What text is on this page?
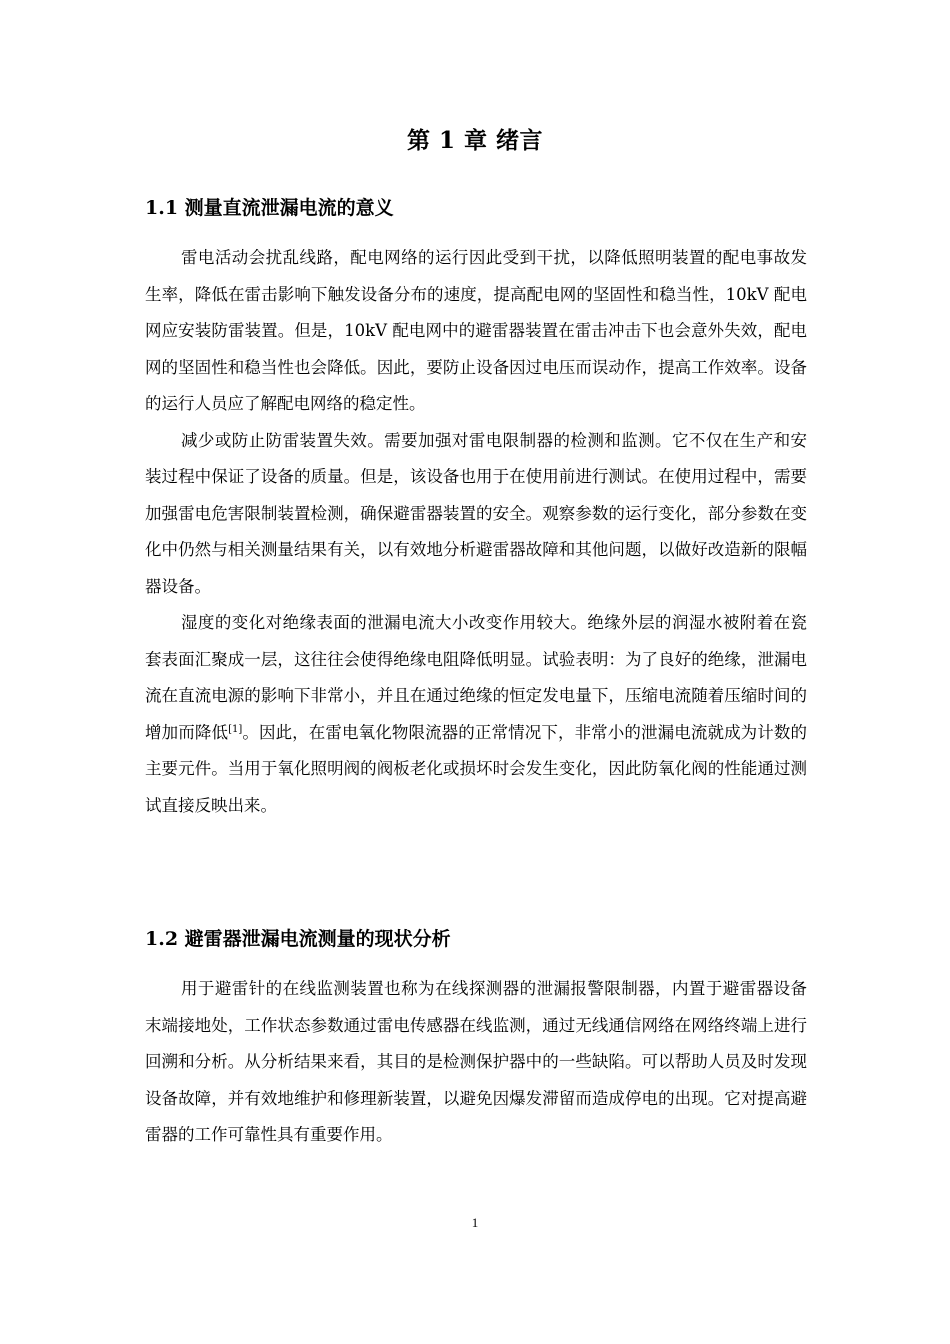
第 1 章 绪言
1.1 测量直流泄漏电流的意义

雷电活动会扰乱线路，配电网络的运行因此受到干扰，以降低照明装置的配电事故发生率，降低在雷击影响下触发设备分布的速度，提高配电网的坚固性和稳当性，10kV 配电网应安装防雷装置。但是，10kV 配电网中的避雷器装置在雷击冲击下也会意外失效，配电网的坚固性和稳当性也会降低。因此，要防止设备因过电压而误动作，提高工作效率。设备的运行人员应了解配电网络的稳定性。

减少或防止防雷装置失效。需要加强对雷电限制器的检测和监测。它不仅在生产和安装过程中保证了设备的质量。但是，该设备也用于在使用前进行测试。在使用过程中，需要加强雷电危害限制装置检测，确保避雷器装置的安全。观察参数的运行变化，部分参数在变化中仍然与相关测量结果有关，以有效地分析避雷器故障和其他问题，以做好改造新的限幅器设备。

湿度的变化对绝缘表面的泄漏电流大小改变作用较大。绝缘外层的润湿水被附着在瓷套表面汇聚成一层，这往往会使得绝缘电阻降低明显。试验表明：为了良好的绝缘，泄漏电流在直流电源的影响下非常小，并且在通过绝缘的恒定发电量下，压缩电流随着压缩时间的增加而降低[1]。因此，在雷电氧化物限流器的正常情况下，非常小的泄漏电流就成为计数的主要元件。当用于氧化照明阀的阀板老化或损坏时会发生变化，因此防氧化阀的性能通过测试直接反映出来。

1.2 避雷器泄漏电流测量的现状分析

用于避雷针的在线监测装置也称为在线探测器的泄漏报警限制器，内置于避雷器设备末端接地处，工作状态参数通过雷电传感器在线监测，通过无线通信网络在网络终端上进行回溯和分析。从分析结果来看，其目的是检测保护器中的一些缺陷。可以帮助人员及时发现设备故障，并有效地维护和修理新装置，以避免因爆发滞留而造成停电的出现。它对提高避雷器的工作可靠性具有重要作用。

1
